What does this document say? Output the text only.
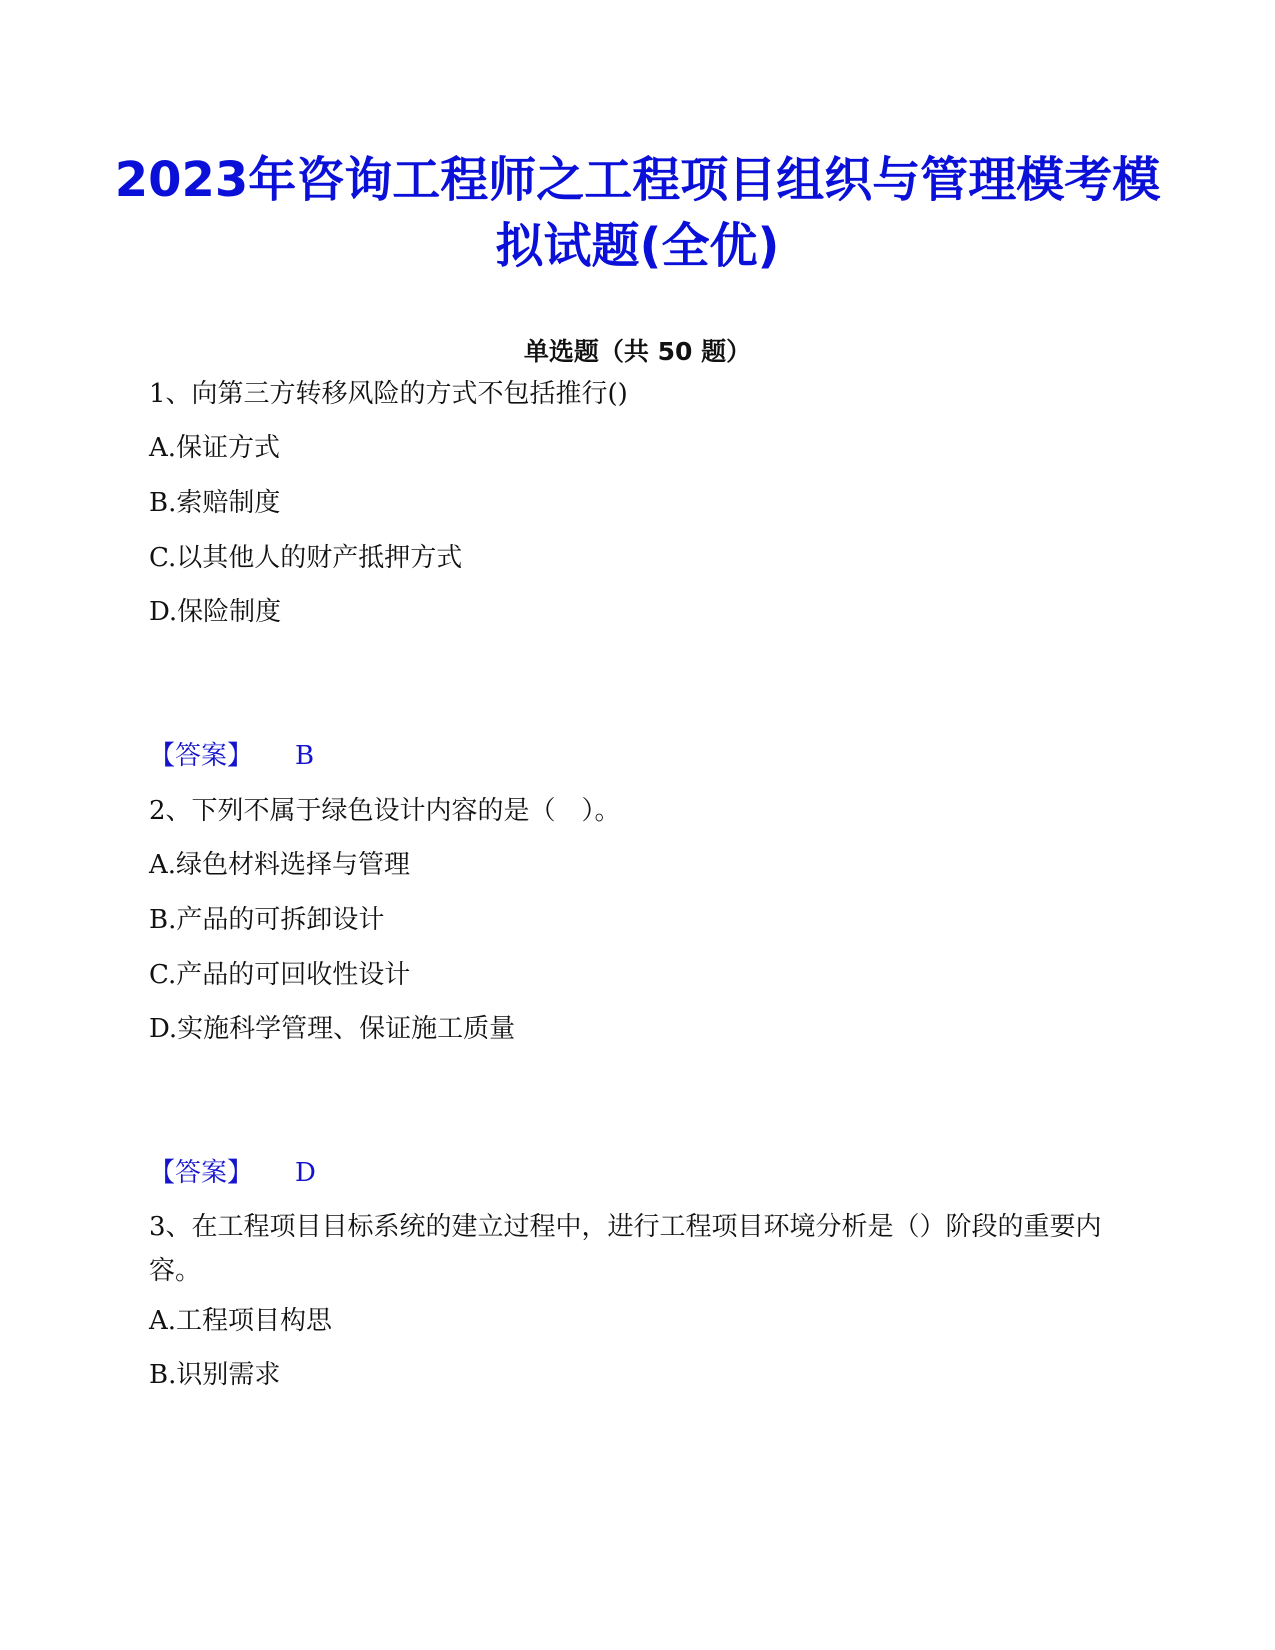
2023年咨询工程师之工程项目组织与管理模考模拟试题(全优)
单选题（共 50 题）
1、向第三方转移风险的方式不包括推行()
A.保证方式
B.索赔制度
C.以其他人的财产抵押方式
D.保险制度
【答案】 B
2、下列不属于绿色设计内容的是（　）。
A.绿色材料选择与管理
B.产品的可拆卸设计
C.产品的可回收性设计
D.实施科学管理、保证施工质量
【答案】 D
3、在工程项目目标系统的建立过程中，进行工程项目环境分析是（）阶段的重要内容。
A.工程项目构思
B.识别需求
